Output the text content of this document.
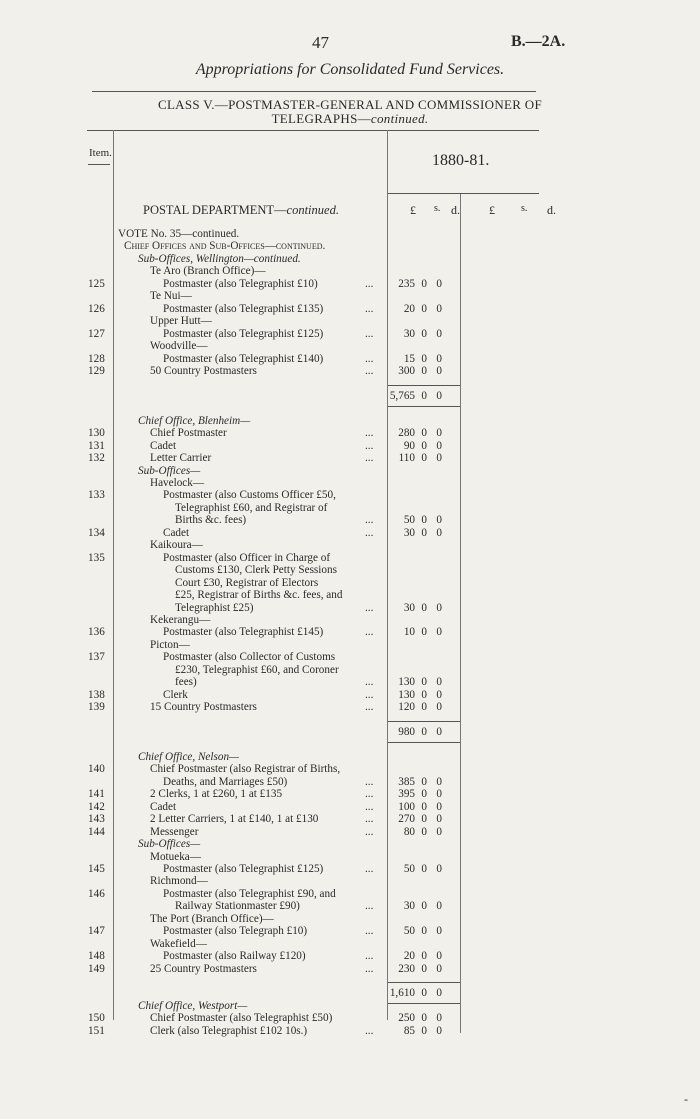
47	B.—2A.
Appropriations for Consolidated Fund Services.
CLASS V.—POSTMASTER-GENERAL AND COMMISSIONER OF
TELEGRAPHS—continued.
Item.	1880-81.
POSTAL DEPARTMENT—continued.	£ s. d. £	s. d.
VOTE No. 35—continued.
Chief Offices and Sub-Offices—continued.
Sub-Offices, Wellington—continued.
Te Aro (Branch Office)—
125	Postmaster (also Telegraphist £10)	...	235 0 0
Te Nui—
126	Postmaster (also Telegraphist £135)	...	20 0 0
Upper Hutt—
127	Postmaster (also Telegraphist £125)	...	30 0 0
Woodville—
128	Postmaster (also Telegraphist £140)	...	15 0 0
129	50 Country Postmasters	...	300 0 0
5,765 0 0
Chief Office, Blenheim—
130	Chief Postmaster	...	280 0 0
131	Cadet	...	90 0 0
132	Letter Carrier	...	110 0 0
Sub-Offices—
Havelock—
133	Postmaster (also Customs Officer £50,
Telegraphist £60, and Registrar of
Births &c. fees)	...	50 0 0
134	Cadet	...	30 0 0
Kaikoura—
135	Postmaster (also Officer in Charge of
Customs £130, Clerk Petty Sessions
Court £30, Registrar of Electors
£25, Registrar of Births &c. fees, and
Telegraphist £25)	...	30 0 0
Kekerangu—
136	Postmaster (also Telegraphist £145)	...	10 0 0
Picton—
137	Postmaster (also Collector of Customs
£230, Telegraphist £60, and Coroner
fees)	...	130 0 0
138	Clerk	...	130 0 0
139	15 Country Postmasters	...	120 0 0
980 0 0
Chief Office, Nelson—
140	Chief Postmaster (also Registrar of Births,
Deaths, and Marriages £50)	...	385 0 0
141	2 Clerks, 1 at £260, 1 at £135	...	395 0 0
142	Cadet	...	100 0 0
143	2 Letter Carriers, 1 at £140, 1 at £130	...	270 0 0
144	Messenger	...	80 0 0
Sub-Offices—
Motueka—
145	Postmaster (also Telegraphist £125)	...	50 0 0
Richmond—
146	Postmaster (also Telegraphist £90, and
Railway Stationmaster £90)	...	30 0 0
The Port (Branch Office)—
147	Postmaster (also Telegraph £10)	...	50 0 0
Wakefield—
148	Postmaster (also Railway £120)	...	20 0 0
149	25 Country Postmasters	...	230 0 0
1,610 0 0
Chief Office, Westport—
150	Chief Postmaster (also Telegraphist £50)	250 0 0
151	Clerk (also Telegraphist £102 10s.)	...	85 0 0
-
